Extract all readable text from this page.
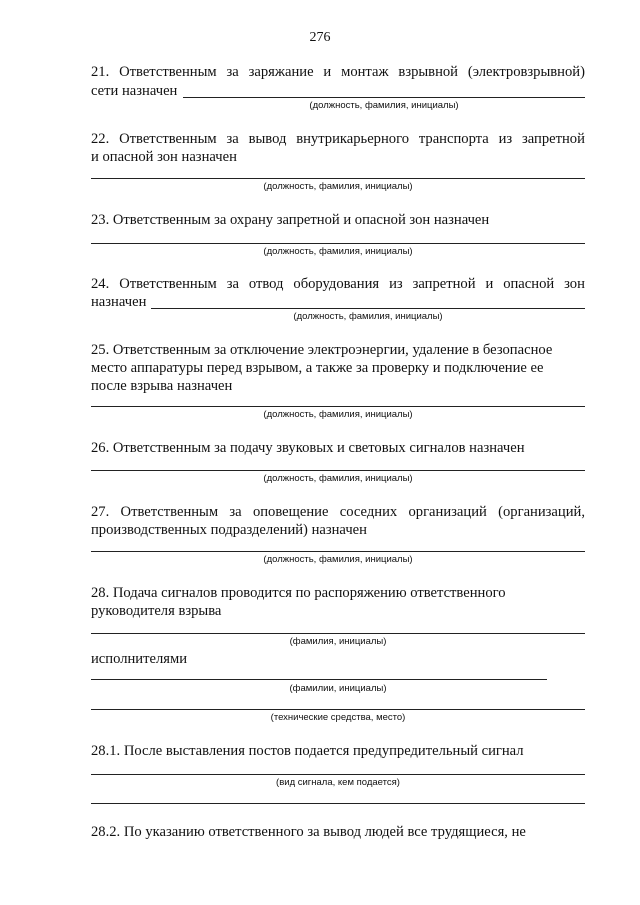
276
21. Ответственным за заряжание и монтаж взрывной (электровзрывной)
сети назначен
(должность, фамилия, инициалы)
22. Ответственным за вывод внутрикарьерного транспорта из запретной
и опасной зон назначен
(должность, фамилия, инициалы)
23. Ответственным за охрану запретной и опасной зон назначен
(должность, фамилия, инициалы)
24. Ответственным за отвод оборудования из запретной и опасной зон
назначен
(должность, фамилия, инициалы)
25. Ответственным за отключение электроэнергии, удаление в безопасное
место аппаратуры перед взрывом, а также за проверку и подключение ее
после взрыва назначен
(должность, фамилия, инициалы)
26. Ответственным за подачу звуковых и световых сигналов назначен
(должность, фамилия, инициалы)
27. Ответственным за оповещение соседних организаций (организаций,
производственных подразделений) назначен
(должность, фамилия, инициалы)
28. Подача сигналов проводится по распоряжению ответственного
руководителя взрыва
(фамилия, инициалы)
исполнителями
(фамилии, инициалы)
(технические средства, место)
28.1. После выставления постов подается предупредительный сигнал
(вид сигнала, кем подается)
28.2. По указанию ответственного за вывод людей все трудящиеся, не
